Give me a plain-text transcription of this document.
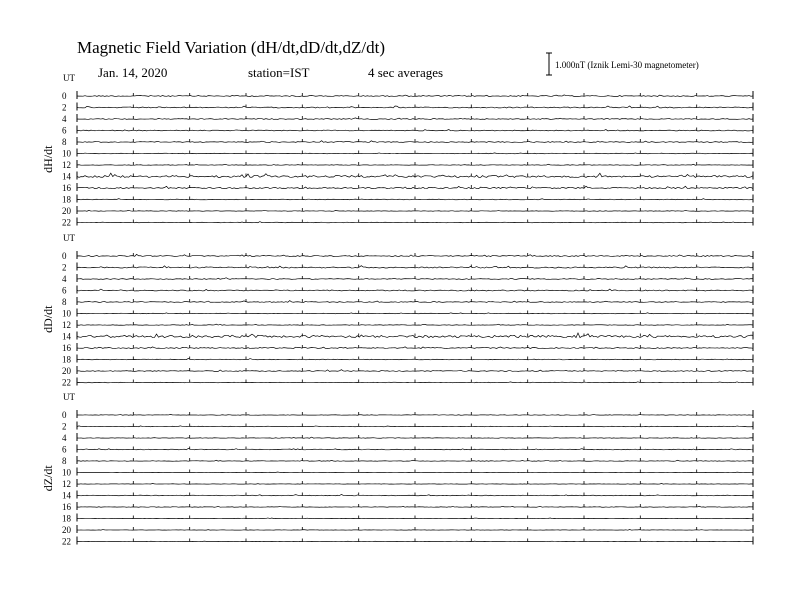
Magnetic Field Variation (dH/dt,dD/dt,dZ/dt)
Jan. 14, 2020	station=IST	4 sec averages	1.000nT (Iznik Lemi-30 magnetometer)
UT
dH/dt
0
2
4
6
8
10
12
14
16
18
20
22
UT
dD/dt
0
2
4
6
8
10
12
14
16
18
20
22
UT
dZ/dt
0
2
4
6
8
10
12
14
16
18
20
22
